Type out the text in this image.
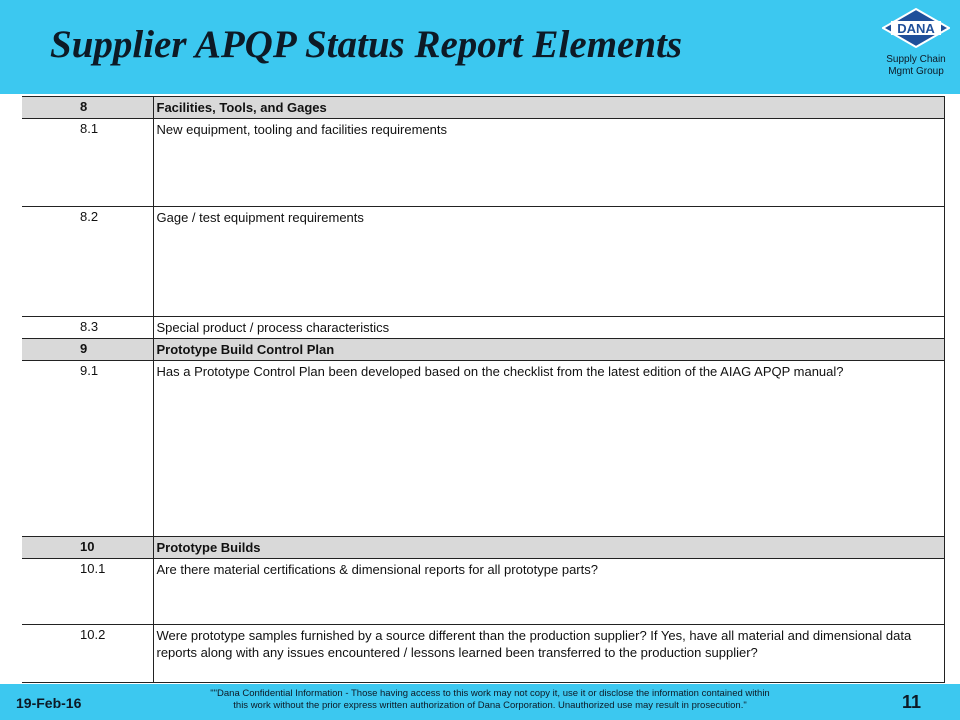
Supplier APQP Status Report Elements	DANA
Supply Chain
Mgmt Group
8	Facilities, Tools, and Gages

8.1	New equipment, tooling and facilities requirements

8.2	Gage / test equipment requirements

8.3	Special product / process characteristics

9	Prototype Build Control Plan

9.1	Has a Prototype Control Plan been developed based on the checklist from the latest edition of the AIAG APQP manual?

10	Prototype Builds

10.1	Are there material certifications & dimensional reports for all prototype parts?

10.2	Were prototype samples furnished by a source different than the production supplier? If Yes, have all material and dimensional data reports along with any issues encountered / lessons learned been transferred to the production supplier?
19-Feb-16
""Dana Confidential Information - Those having access to this work may not copy it, use it or disclose the information contained within
this work without the prior express written authorization of Dana Corporation. Unauthorized use may result in prosecution."	11
